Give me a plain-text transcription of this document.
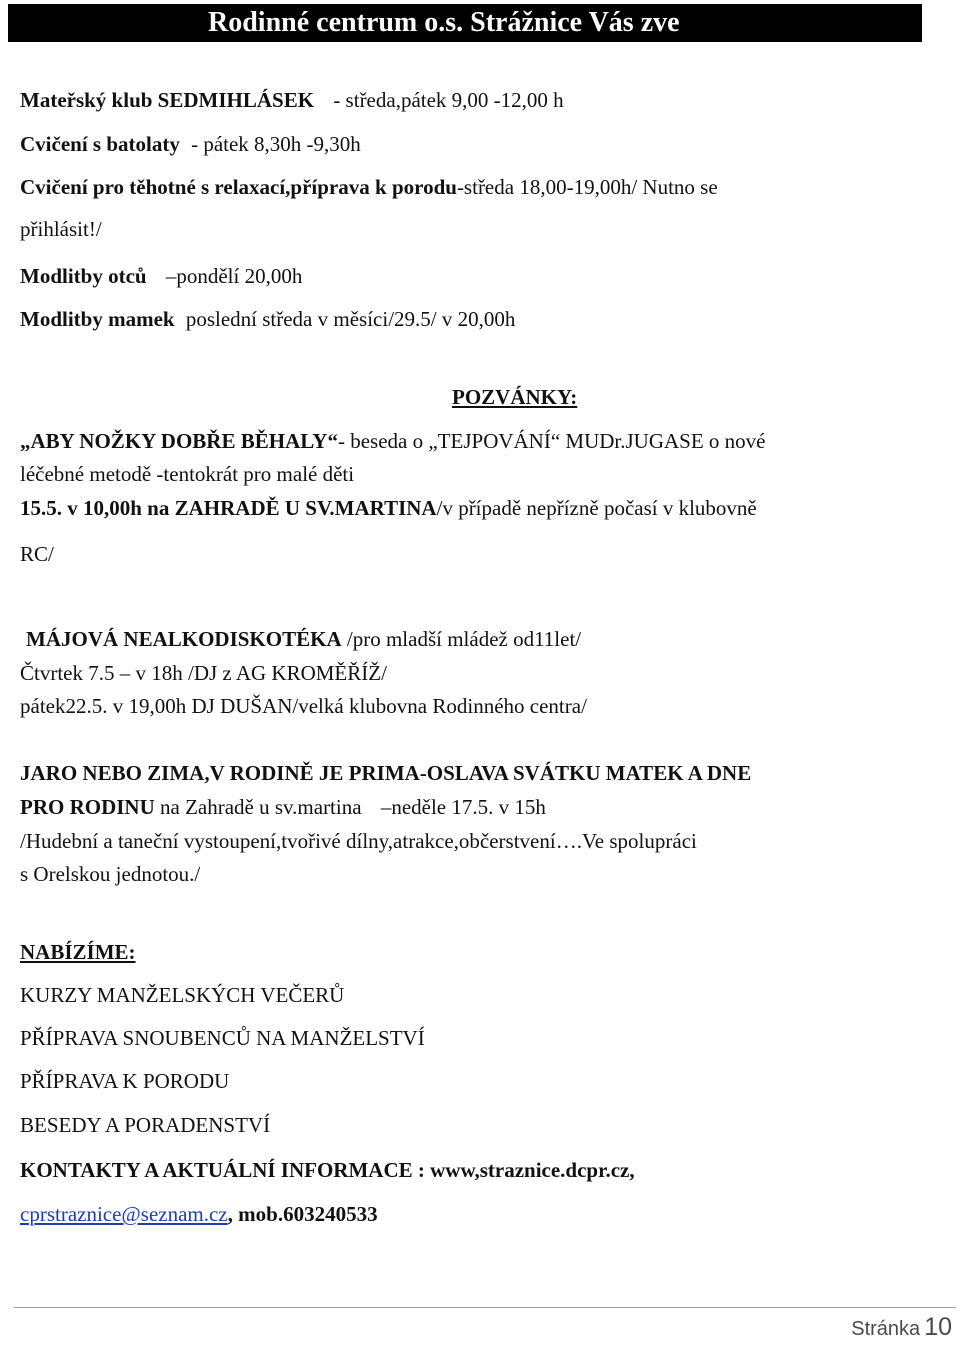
Rodinné centrum o.s. Strážnice Vás zve
Mateřský klub SEDMIHLÁSEK - středa,pátek 9,00 -12,00 h
Cvičení s batolaty - pátek 8,30h -9,30h
Cvičení pro těhotné s relaxací,příprava k porodu-středa 18,00-19,00h/ Nutno se
přihlásit!/
Modlitby otců –pondělí 20,00h
Modlitby mamek poslední středa v měsíci/29.5/ v 20,00h
POZVÁNKY:
„ABY NOŽKY DOBŘE BĚHALY“- beseda o „TEJPOVÁNÍ“ MUDr.JUGASE o nové
léčebné metodě -tentokrát pro malé děti
15.5. v 10,00h na ZAHRADĚ U SV.MARTINA/v případě nepřízně počasí v klubovně
RC/
MÁJOVÁ NEALKODISKOTÉKA /pro mladší mládež od11let/
Čtvrtek 7.5 – v 18h /DJ z AG KROMĚŘÍŽ/
pátek22.5. v 19,00h DJ DUŠAN/velká klubovna Rodinného centra/
JARO NEBO ZIMA,V RODINĚ JE PRIMA-OSLAVA SVÁTKU MATEK A DNE
PRO RODINU na Zahradě u sv.martina –neděle 17.5. v 15h
/Hudební a taneční vystoupení,tvořivé dílny,atrakce,občerstvení….Ve spolupráci
s Orelskou jednotou./
NABÍZÍME:
KURZY MANŽELSKÝCH VEČERŮ
PŘÍPRAVA SNOUBENCŮ NA MANŽELSTVÍ
PŘÍPRAVA K PORODU
BESEDY A PORADENSTVÍ
KONTAKTY A AKTUÁLNÍ INFORMACE : www,straznice.dcpr.cz,
cprstraznice@seznam.cz, mob.603240533
Stránka 10
